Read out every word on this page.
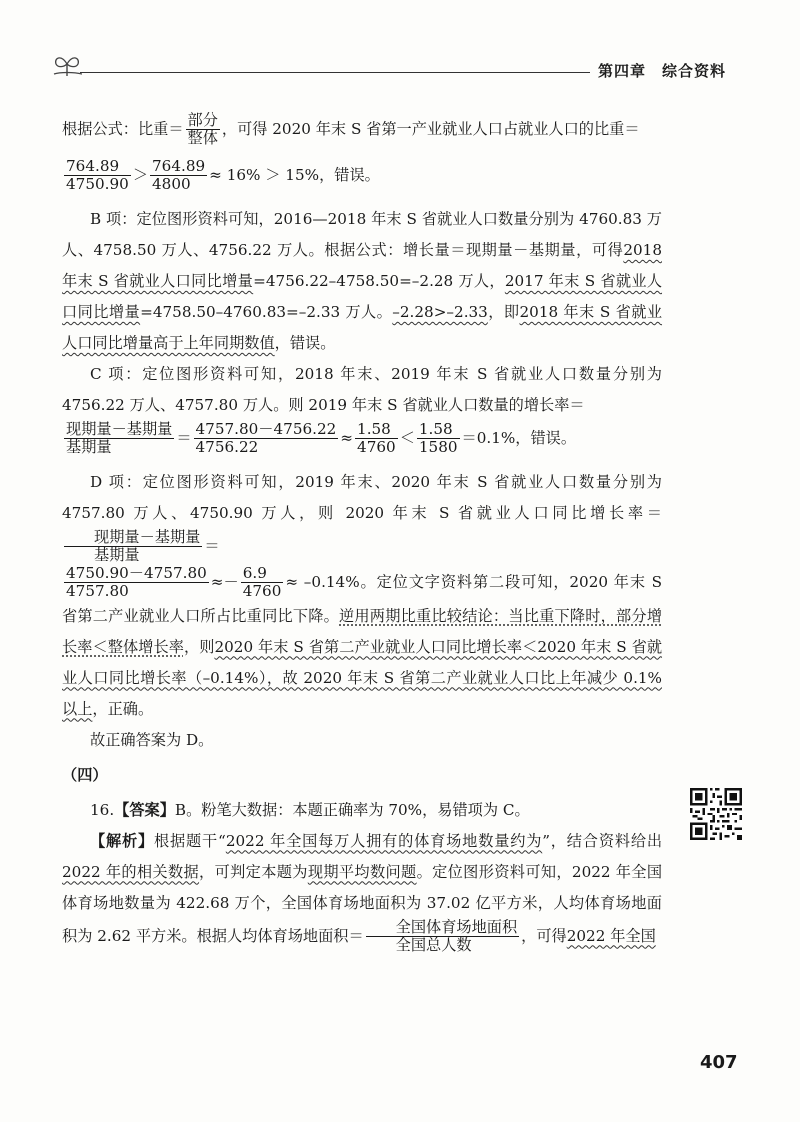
第四章 综合资料

根据公式：比重＝ $\frac{\text{部分}}{\text{整体}}$ ，可得 2020 年末 S 省第一产业就业人口占就业人口的比重＝

$\frac{764.89}{4750.90} > \frac{764.89}{4800} \approx 16\% > 15\%$，错误。

B 项：定位图形资料可知，2016—2018 年末 S 省就业人口数量分别为 4760.83 万人、4758.50 万人、4756.22 万人。根据公式：增长量＝现期量－基期量，可得2018 年末 S 省就业人口同比增量=4756.22–4758.50=–2.28 万人，2017 年末 S 省就业人口同比增量=4758.50–4760.83=–2.33 万人。–2.28>–2.33，即2018 年末 S 省就业人口同比增量高于上年同期数值，错误。

C 项：定位图形资料可知，2018 年末、2019 年末 S 省就业人口数量分别为 4756.22 万人、4757.80 万人。则 2019 年末 S 省就业人口数量的增长率＝

$\frac{\text{现期量－基期量}}{\text{基期量}} = \frac{4757.80-4756.22}{4756.22} \approx \frac{1.58}{4760} < \frac{1.58}{1580} =0.1\%$，错误。

D 项：定位图形资料可知，2019 年末、2020 年末 S 省就业人口数量分别为 4757.80 万人、4750.90 万人，则 2020 年末 S 省就业人口同比增长率＝
$\frac{\text{现期量－基期量}}{\text{基期量}}$ ＝

$\frac{4750.90-4757.80}{4757.80} \approx- \frac{6.9}{4760} \approx -0.14\%$。定位文字资料第二段可知，2020 年末 S 省第二产业就业人口所占比重同比下降。逆用两期比重比较结论：当比重下降时，部分增长率＜整体增长率，则2020 年末 S 省第二产业就业人口同比增长率＜2020 年末 S 省就业人口同比增长率（–0.14%），故 2020 年末 S 省第二产业就业人口比上年减少 0.1% 以上，正确。

故正确答案为 D。

（四）

16.【答案】B。粉笔大数据：本题正确率为 70%，易错项为 C。

【解析】根据题干“2022 年全国每万人拥有的体育场地数量约为”，结合资料给出2022 年的相关数据，可判定本题为现期平均数问题。定位图形资料可知，2022 年全国体育场地数量为 422.68 万个，全国体育场地面积为 37.02 亿平方米，人均体育场地面积为 2.62 平方米。根据人均体育场地面积＝ $\frac{\text{全国体育场地面积}}{\text{全国总人数}}$ ，可得2022 年全国

407
